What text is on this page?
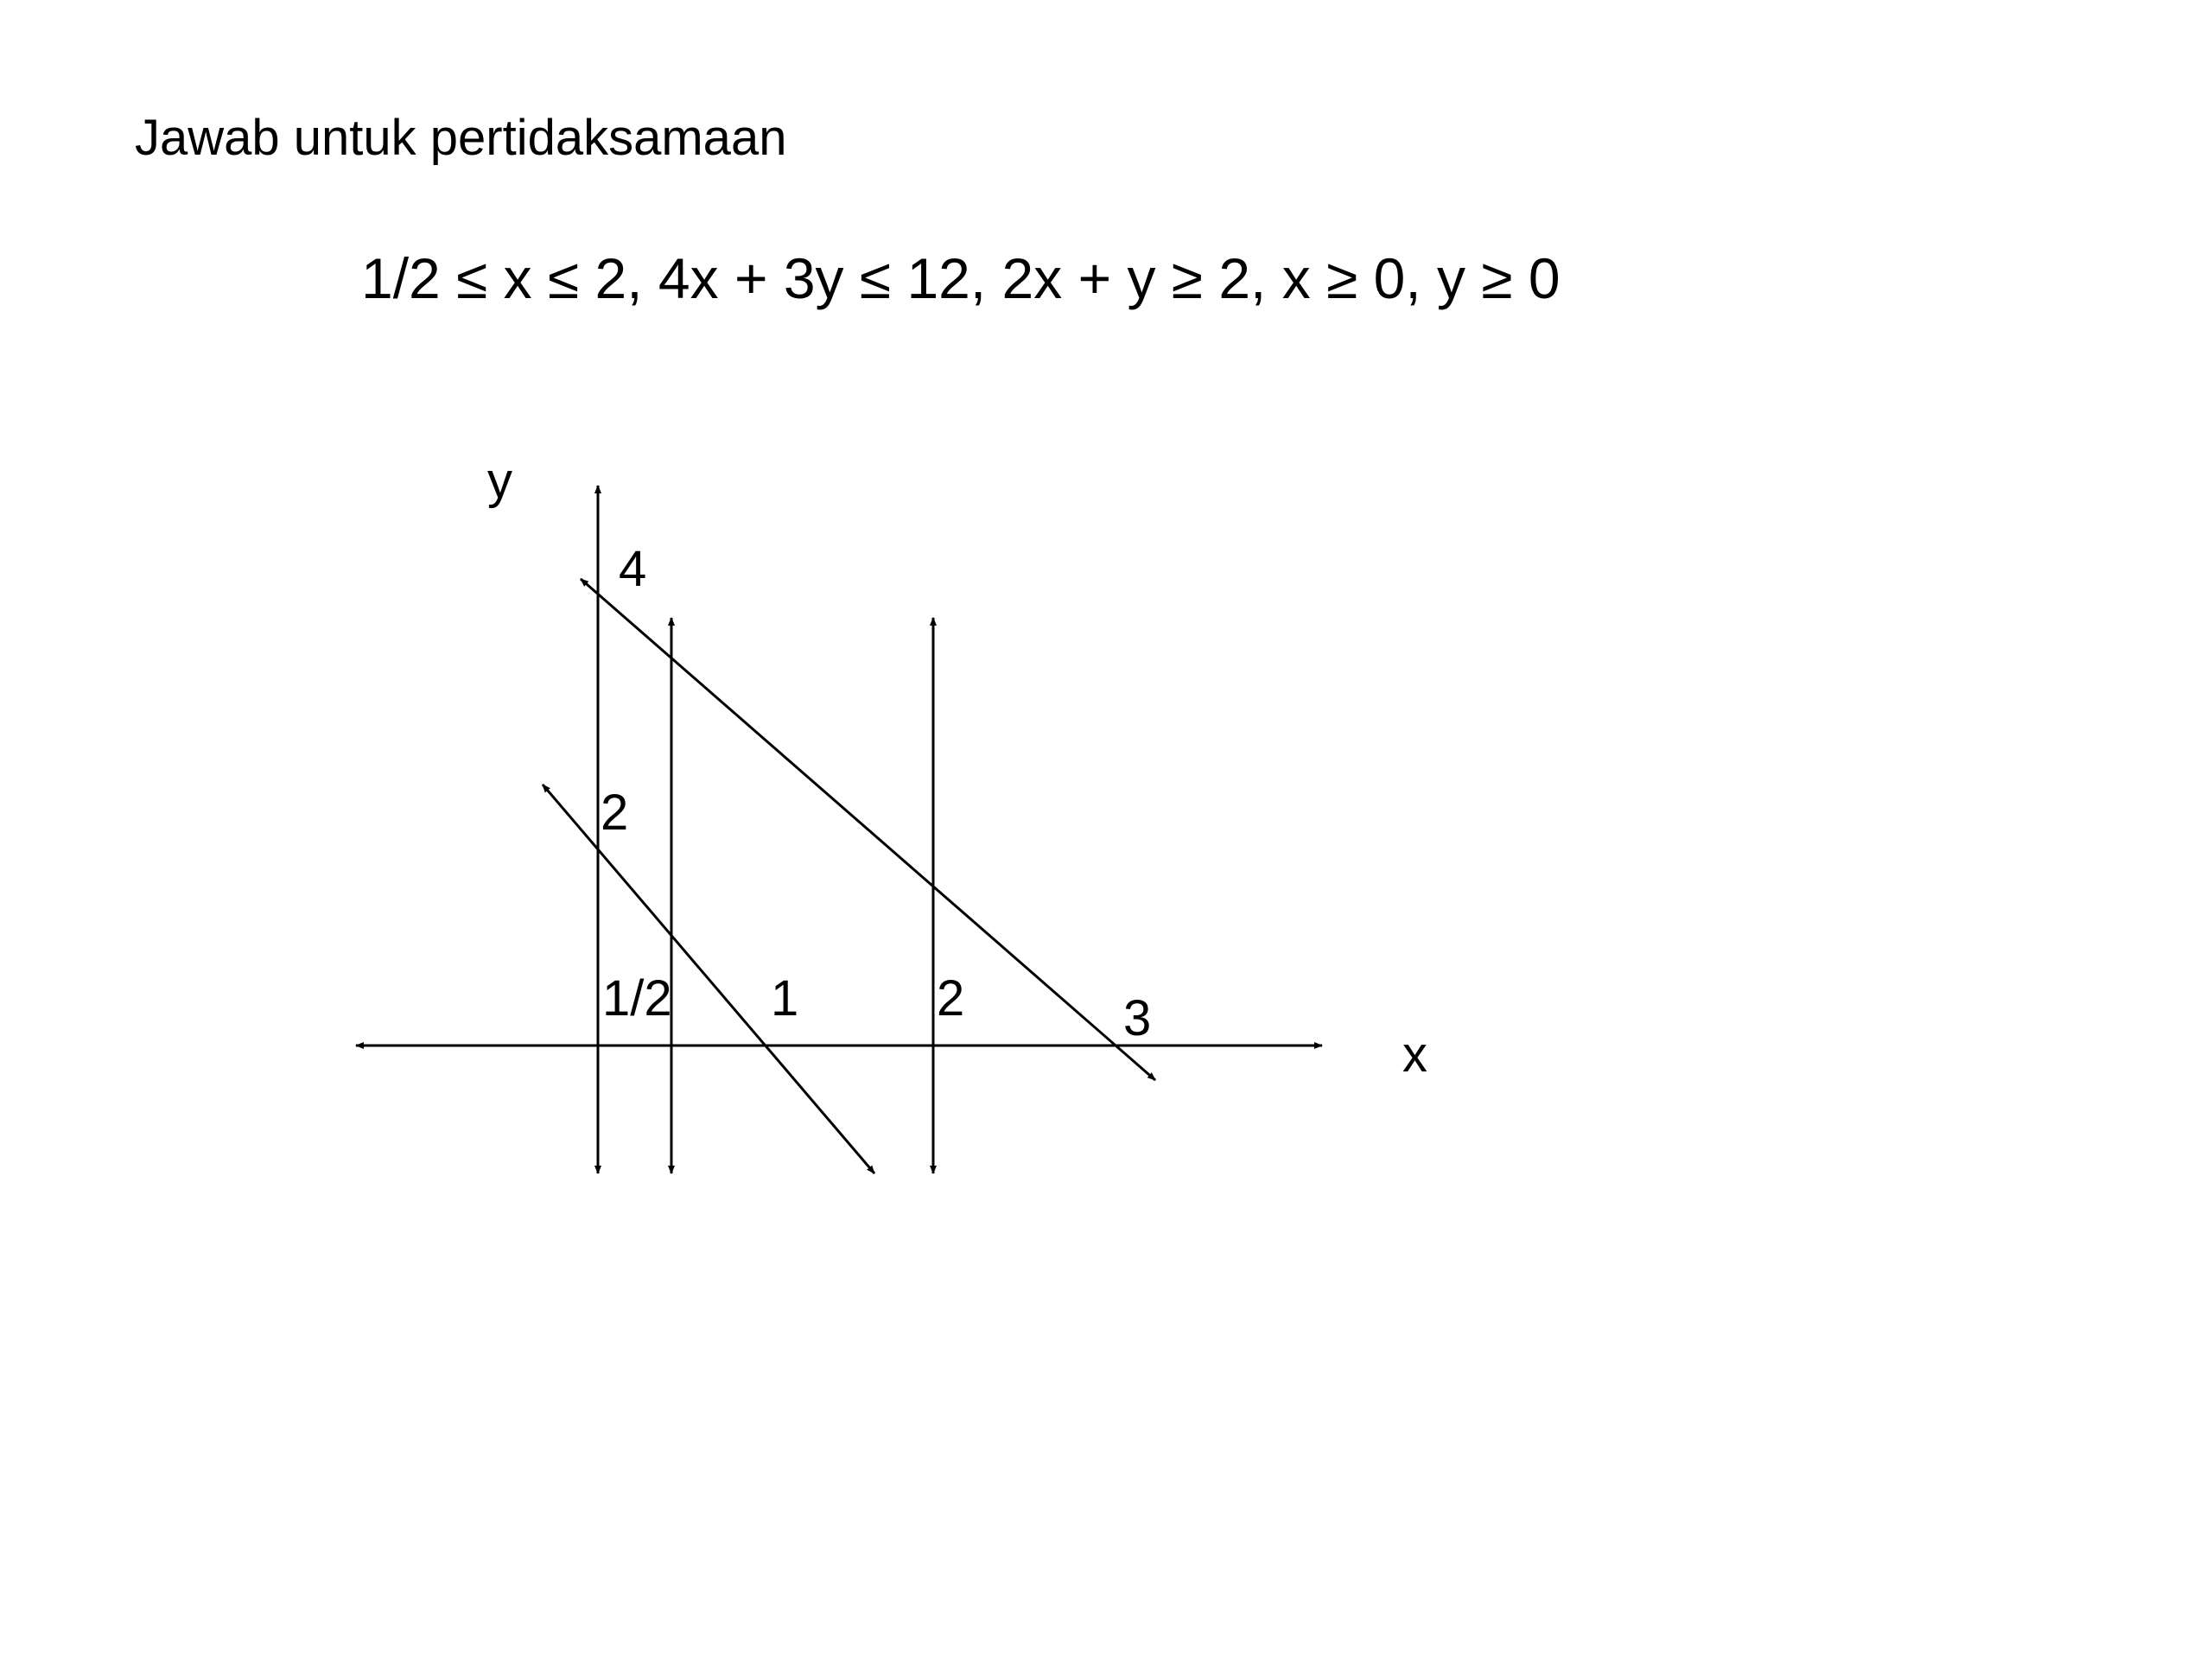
Jawab untuk pertidaksamaan
1/2 ≤ x ≤ 2, 4x + 3y ≤ 12, 2x + y ≥ 2, x ≥ 0, y ≥ 0
y
x
4
2
1/2 1	2	3
